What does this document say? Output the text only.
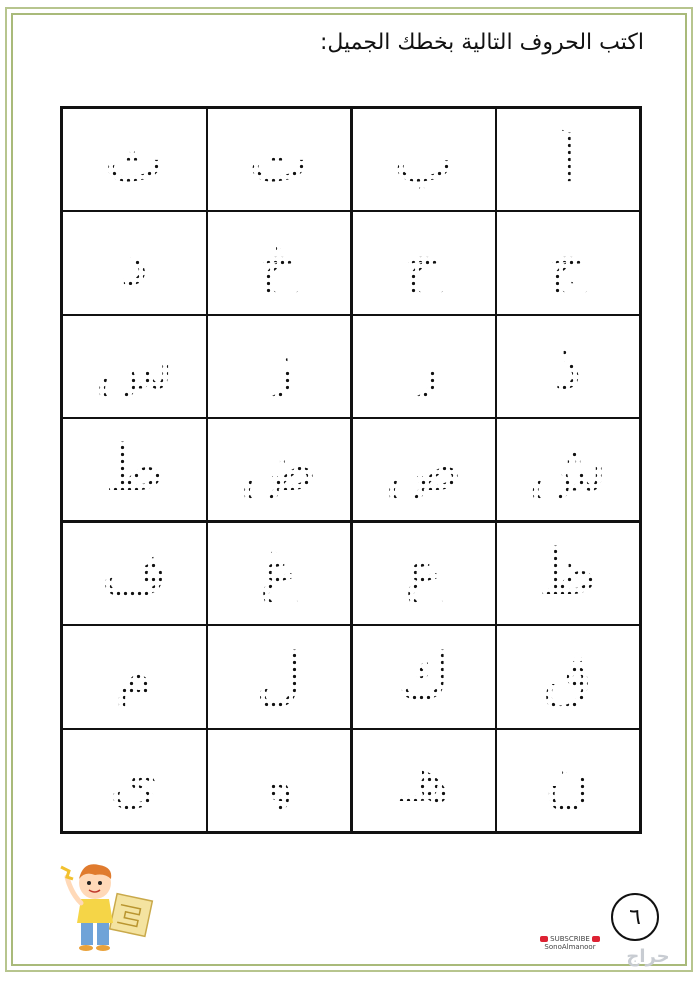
اكتب الحروف التالية بخطك الجميل:
أ
ب
ت
ث
ج
ح
خ
د
ذ
ر
ز
س
ش
ص
ض
ط
ظ
ع
غ
ف
ق
ك
ل
م
ن
هـ
و
ي
٦
SUBSCRIBE
SonoAlmanoor	حراج
